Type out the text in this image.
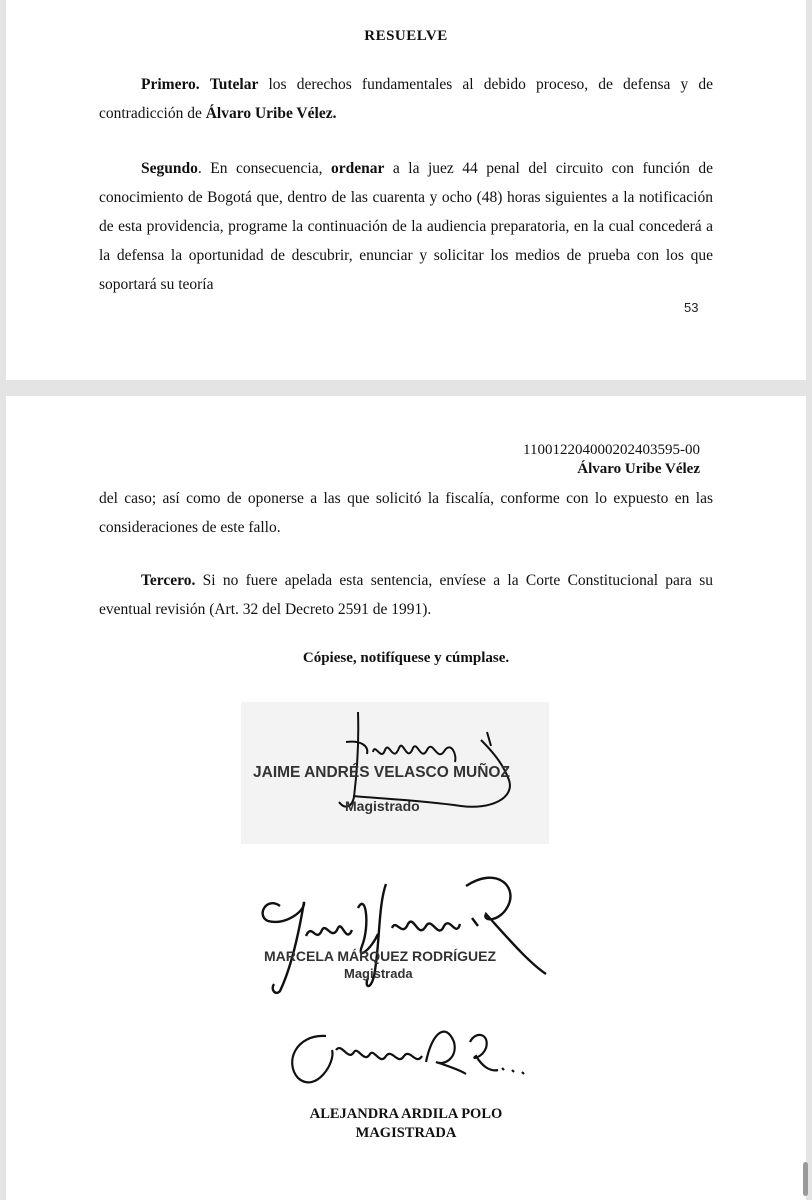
RESUELVE
Primero. Tutelar los derechos fundamentales al debido proceso, de defensa y de contradicción de Álvaro Uribe Vélez.
Segundo. En consecuencia, ordenar a la juez 44 penal del circuito con función de conocimiento de Bogotá que, dentro de las cuarenta y ocho (48) horas siguientes a la notificación de esta providencia, programe la continuación de la audiencia preparatoria, en la cual concederá a la defensa la oportunidad de descubrir, enunciar y solicitar los medios de prueba con los que soportará su teoría
53
11001220400020240359​5-00
Álvaro Uribe Vélez
del caso; así como de oponerse a las que solicitó la fiscalía, conforme con lo expuesto en las consideraciones de este fallo.
Tercero. Si no fuere apelada esta sentencia, envíese a la Corte Constitucional para su eventual revisión (Art. 32 del Decreto 2591 de 1991).
Cópiese, notifíquese y cúmplase.
JAIME ANDRÉS VELASCO MUÑOZ
Magistrado
MARCELA MÁRQUEZ RODRÍGUEZ
Magistrada
ALEJANDRA ARDILA POLO
MAGISTRADA
